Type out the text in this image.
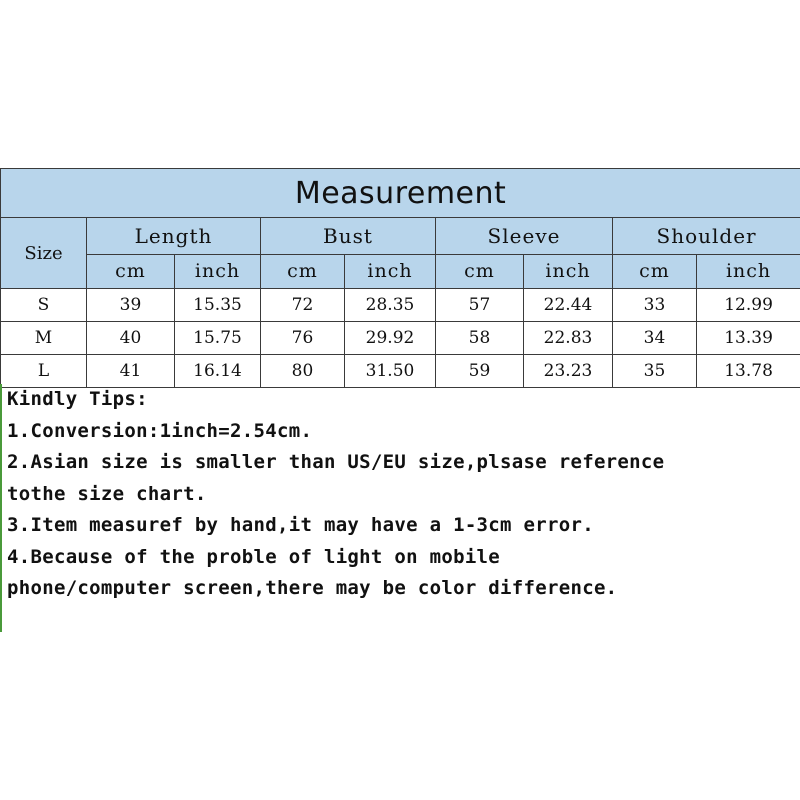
Measurement								
Size	Length		Bust		Sleeve		Shoulder	
	cm	inch	cm	inch	cm	inch	cm	inch
S	39	15.35	72	28.35	57	22.44	33	12.99
M	40	15.75	76	29.92	58	22.83	34	13.39
L	41	16.14	80	31.50	59	23.23	35	13.78
Kindly Tips:
1.Conversion:1inch=2.54cm.
2.Asian size is smaller than US/EU size,plsase reference
tothe size chart.
3.Item measuref by hand,it may have a 1-3cm error.
4.Because of the proble of light on mobile
phone/computer screen,there may be color difference.
